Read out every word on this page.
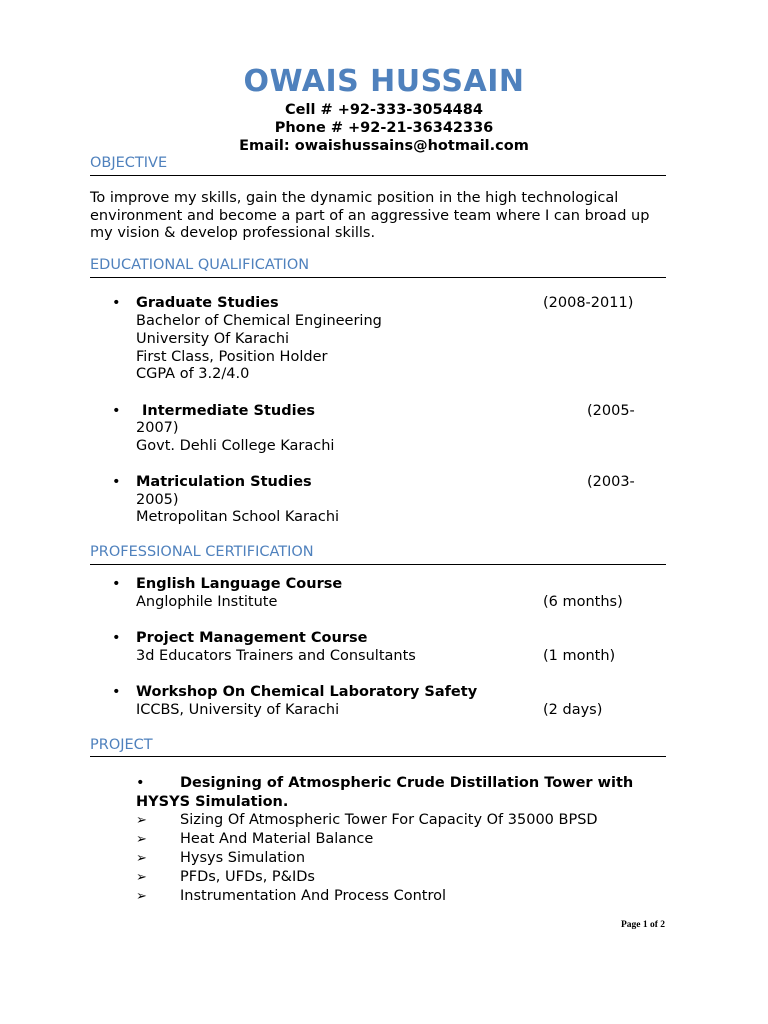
OWAIS HUSSAIN
Cell # +92-333-3054484
Phone # +92-21-36342336
Email: owaishussains@hotmail.com
OBJECTIVE
To improve my skills, gain the dynamic position in the high technological environment and become a part of an aggressive team where I can broad up my vision & develop professional skills.
EDUCATIONAL QUALIFICATION
• Graduate Studies	(2008-2011)
Bachelor of Chemical Engineering
University Of Karachi
First Class, Position Holder
CGPA of 3.2/4.0
• Intermediate Studies	(2005-
2007)
Govt. Dehli College Karachi
• Matriculation Studies	(2003-
2005)
Metropolitan School Karachi
PROFESSIONAL CERTIFICATION
• English Language Course
Anglophile Institute	(6 months)
• Project Management Course
3d Educators Trainers and Consultants	(1 month)
• Workshop On Chemical Laboratory Safety
ICCBS, University of Karachi	(2 days)
PROJECT
• Designing of Atmospheric Crude Distillation Tower with
HYSYS Simulation.
➢ Sizing Of Atmospheric Tower For Capacity Of 35000 BPSD
➢ Heat And Material Balance
➢ Hysys Simulation
➢ PFDs, UFDs, P&IDs
➢ Instrumentation And Process Control
Page 1 of 2
